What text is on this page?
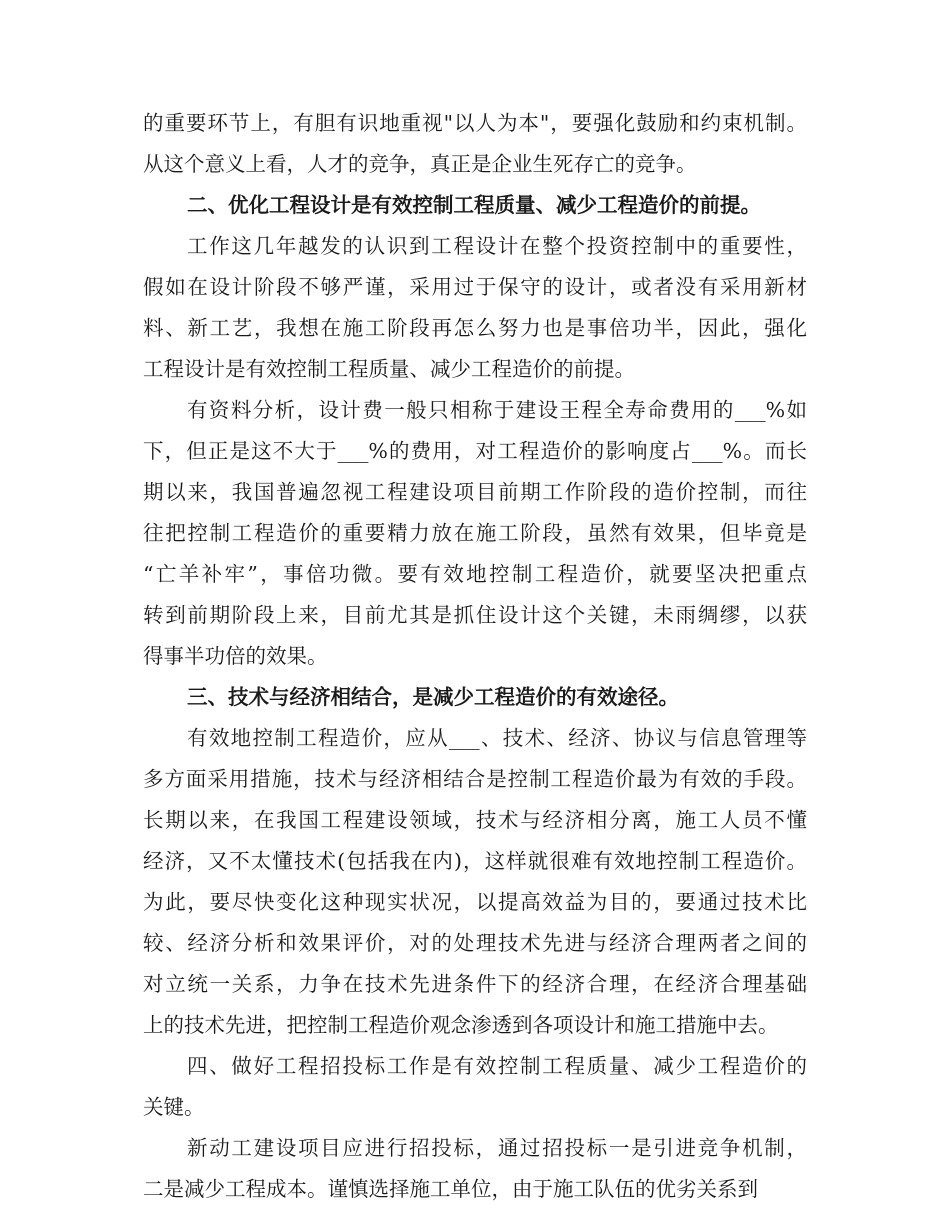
的重要环节上，有胆有识地重视"以人为本"，要强化鼓励和约束机制。
从这个意义上看，人才的竞争，真正是企业生死存亡的竞争。
二、优化工程设计是有效控制工程质量、减少工程造价的前提。
工作这几年越发的认识到工程设计在整个投资控制中的重要性，
假如在设计阶段不够严谨，采用过于保守的设计，或者没有采用新材
料、新工艺，我想在施工阶段再怎么努力也是事倍功半，因此，强化
工程设计是有效控制工程质量、减少工程造价的前提。
有资料分析，设计费一般只相称于建设王程全寿命费用的___%如
下，但正是这不大于___%的费用，对工程造价的影响度占___%。而长
期以来，我国普遍忽视工程建设项目前期工作阶段的造价控制，而往
往把控制工程造价的重要精力放在施工阶段，虽然有效果，但毕竟是
“亡羊补牢”，事倍功微。要有效地控制工程造价，就要坚决把重点
转到前期阶段上来，目前尤其是抓住设计这个关键，未雨绸缪，以获
得事半功倍的效果。
三、技术与经济相结合，是减少工程造价的有效途径。
有效地控制工程造价，应从___、技术、经济、协议与信息管理等
多方面采用措施，技术与经济相结合是控制工程造价最为有效的手段。
长期以来，在我国工程建设领域，技术与经济相分离，施工人员不懂
经济，又不太懂技术(包括我在内)，这样就很难有效地控制工程造价。
为此，要尽快变化这种现实状况，以提高效益为目的，要通过技术比
较、经济分析和效果评价，对的处理技术先进与经济合理两者之间的
对立统一关系，力争在技术先进条件下的经济合理，在经济合理基础
上的技术先进，把控制工程造价观念渗透到各项设计和施工措施中去。
四、做好工程招投标工作是有效控制工程质量、减少工程造价的
关键。
新动工建设项目应进行招投标，通过招投标一是引进竞争机制，
二是减少工程成本。谨慎选择施工单位，由于施工队伍的优劣关系到
